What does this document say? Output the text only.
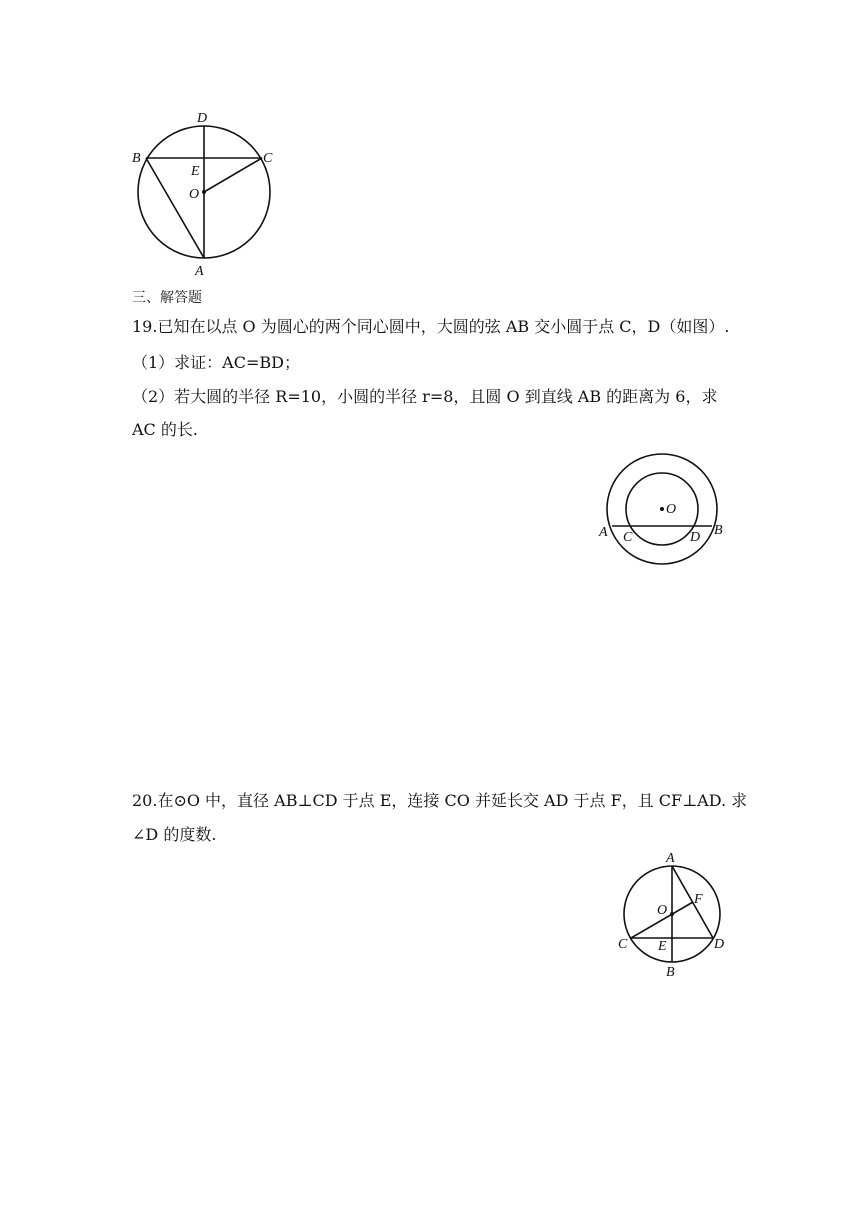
D
B	C
E
O
A
三、解答题
19.已知在以点 O 为圆心的两个同心圆中，大圆的弦 AB 交小圆于点 C，D（如图）.
（1）求证：AC=BD；
（2）若大圆的半径 R=10，小圆的半径 r=8，且圆 O 到直线 AB 的距离为 6，求
AC 的长.
O
A C	D B
20.在⊙O 中，直径 AB⊥CD 于点 E，连接 CO 并延长交 AD 于点 F，且 CF⊥AD. 求
∠D 的度数.
A
O
F
C E	D
B
